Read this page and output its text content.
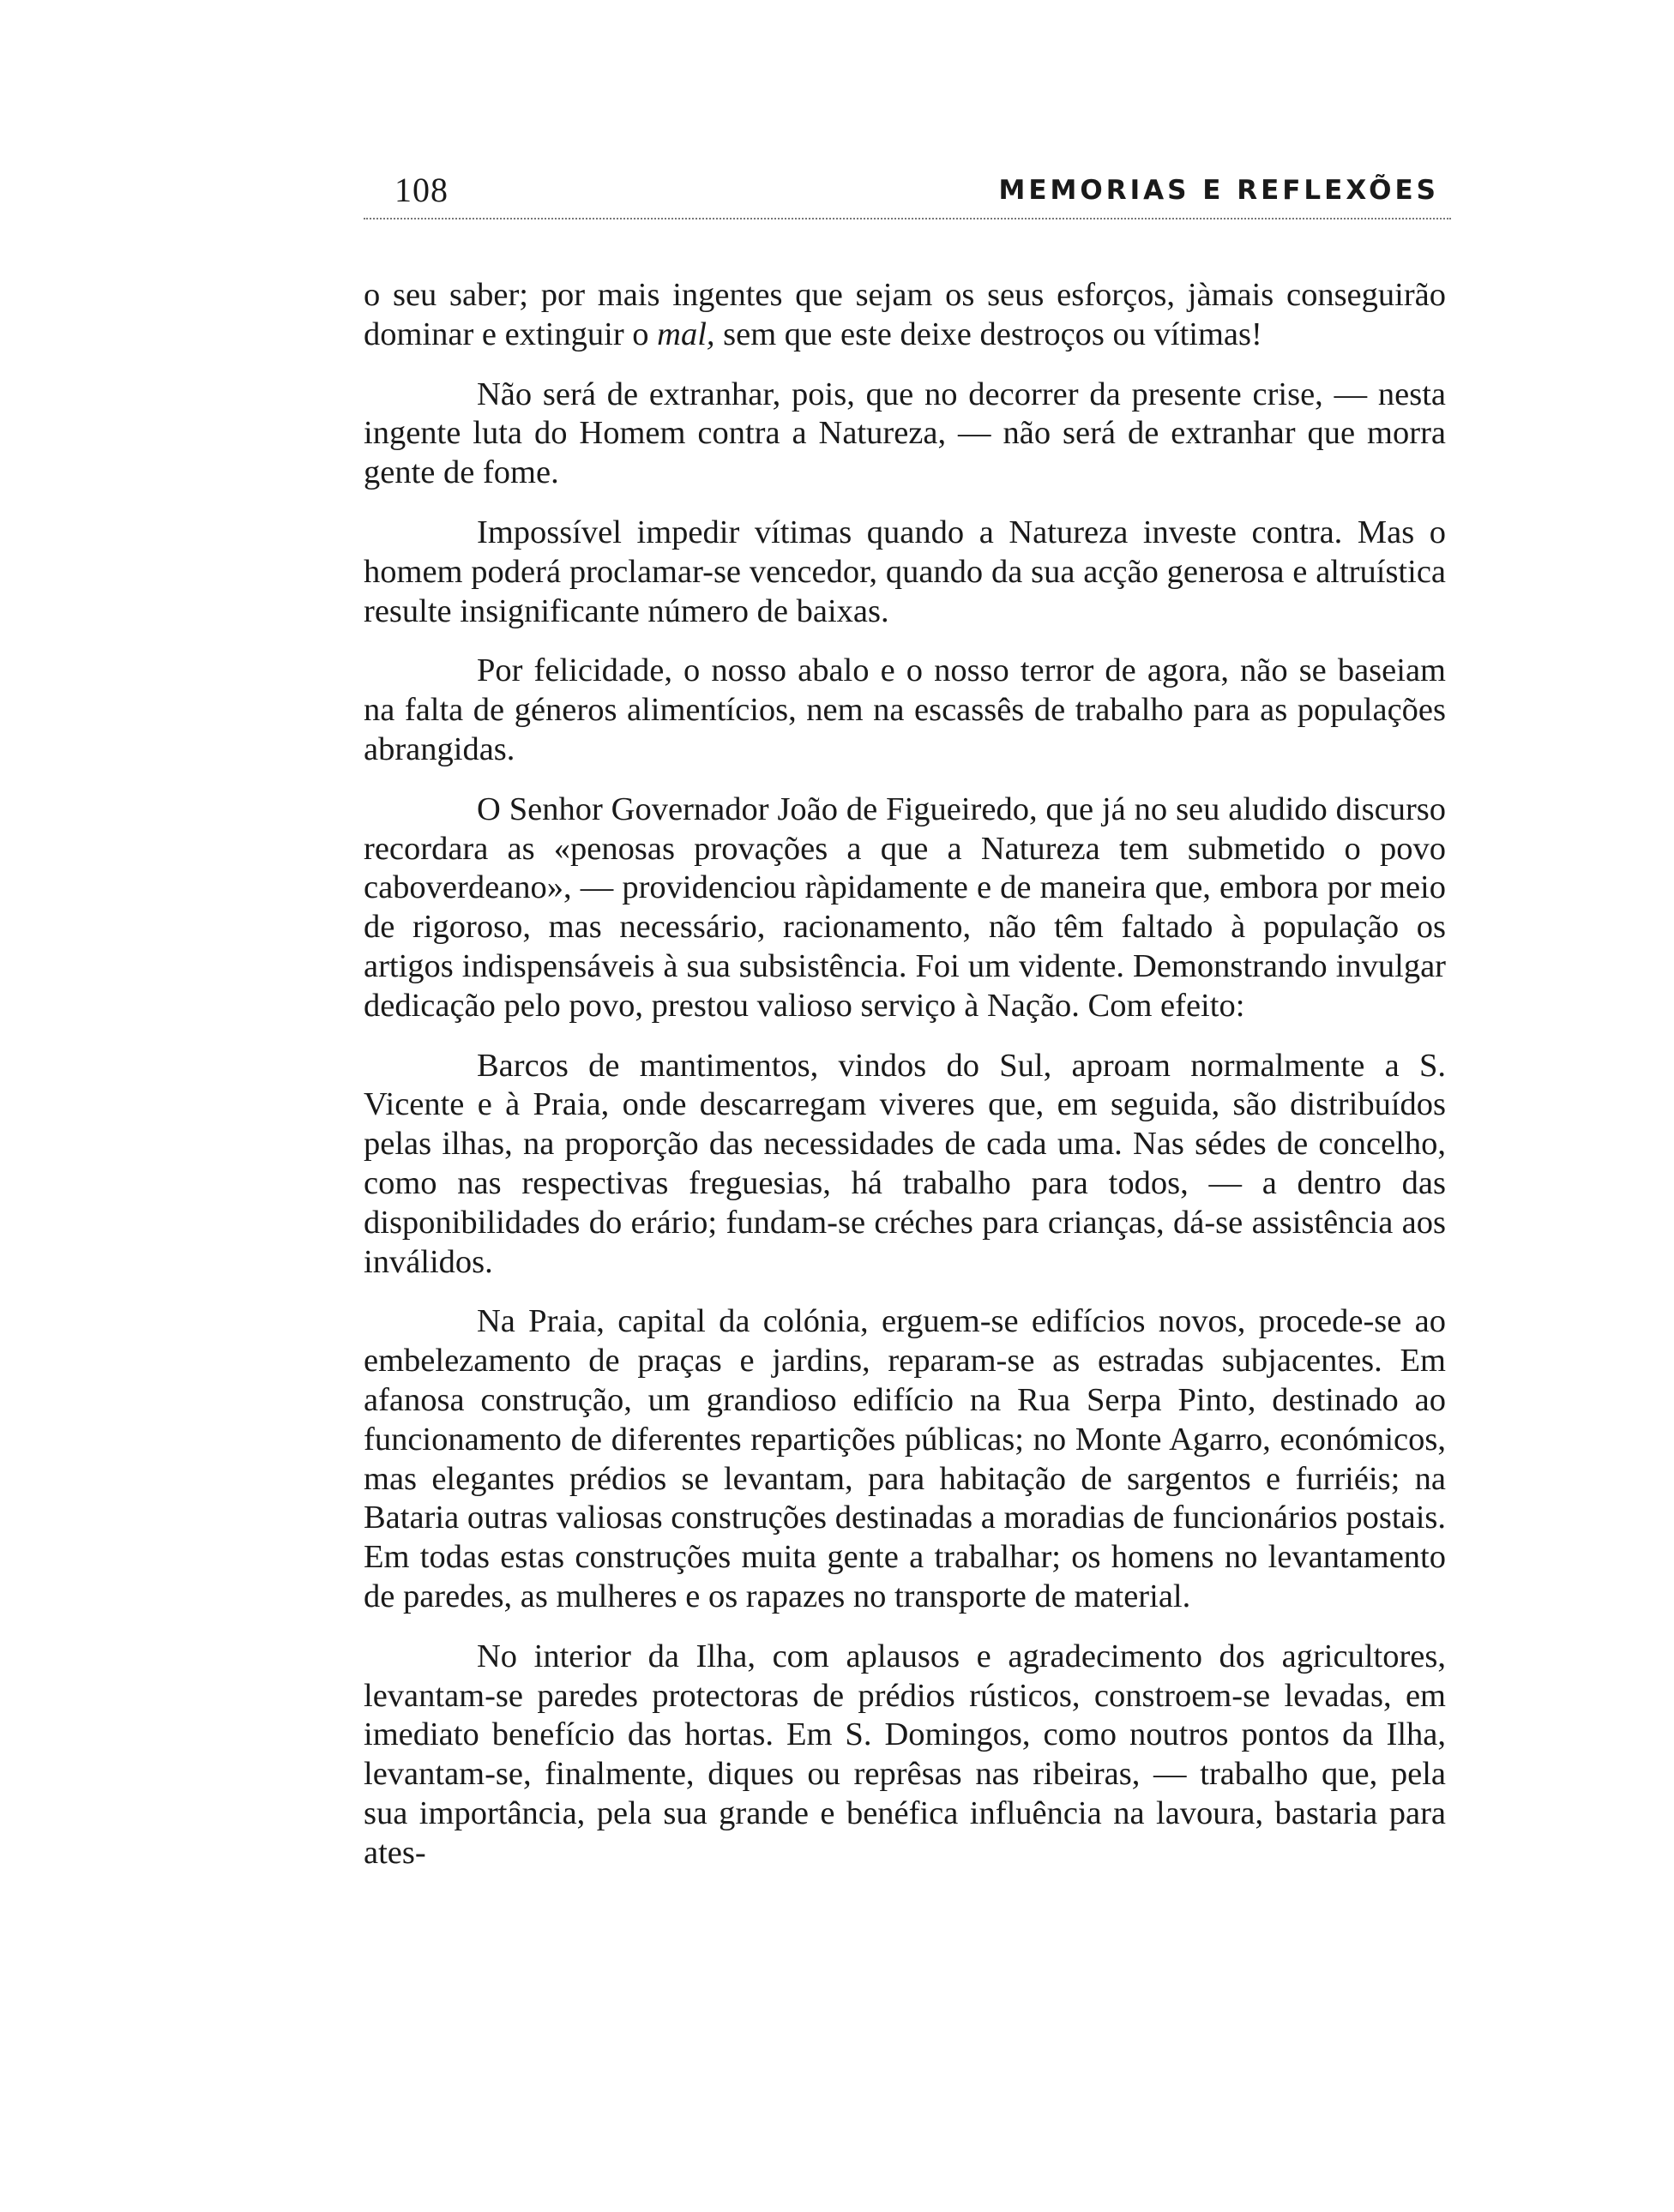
108	MEMORIAS E REFLEXÕES

o seu saber; por mais ingentes que sejam os seus esforços, jàmais conseguirão dominar e extinguir o mal, sem que este deixe destroços ou vítimas!

Não será de extranhar, pois, que no decorrer da presente crise, — nesta ingente luta do Homem contra a Natureza, — não será de extranhar que morra gente de fome.

Impossível impedir vítimas quando a Natureza investe contra. Mas o homem poderá proclamar-se vencedor, quando da sua acção generosa e altruística resulte insignificante número de baixas.

Por felicidade, o nosso abalo e o nosso terror de agora, não se baseiam na falta de géneros alimentícios, nem na escassês de trabalho para as populações abrangidas.

O Senhor Governador João de Figueiredo, que já no seu aludido discurso recordara as «penosas provações a que a Natureza tem submetido o povo caboverdeano», — providenciou ràpidamente e de maneira que, embora por meio de rigoroso, mas necessário, racionamento, não têm faltado à população os artigos indispensáveis à sua subsistência. Foi um vidente. Demonstrando invulgar dedicação pelo povo, prestou valioso serviço à Nação. Com efeito:

Barcos de mantimentos, vindos do Sul, aproam normalmente a S. Vicente e à Praia, onde descarregam viveres que, em seguida, são distribuídos pelas ilhas, na proporção das necessidades de cada uma. Nas sédes de concelho, como nas respectivas freguesias, há trabalho para todos, — a dentro das disponibilidades do erário; fundam-se créches para crianças, dá-se assistência aos inválidos.

Na Praia, capital da colónia, erguem-se edifícios novos, procede-se ao embelezamento de praças e jardins, reparam-se as estradas subjacentes. Em afanosa construção, um grandioso edifício na Rua Serpa Pinto, destinado ao funcionamento de diferentes repartições públicas; no Monte Agarro, económicos, mas elegantes prédios se levantam, para habitação de sargentos e furriéis; na Bataria outras valiosas construções destinadas a moradias de funcionários postais. Em todas estas construções muita gente a trabalhar; os homens no levantamento de paredes, as mulheres e os rapazes no transporte de material.

No interior da Ilha, com aplausos e agradecimento dos agricultores, levantam-se paredes protectoras de prédios rústicos, constroem-se levadas, em imediato benefício das hortas. Em S. Domingos, como noutros pontos da Ilha, levantam-se, finalmente, diques ou reprêsas nas ribeiras, — trabalho que, pela sua importância, pela sua grande e benéfica influência na lavoura, bastaria para ates-
